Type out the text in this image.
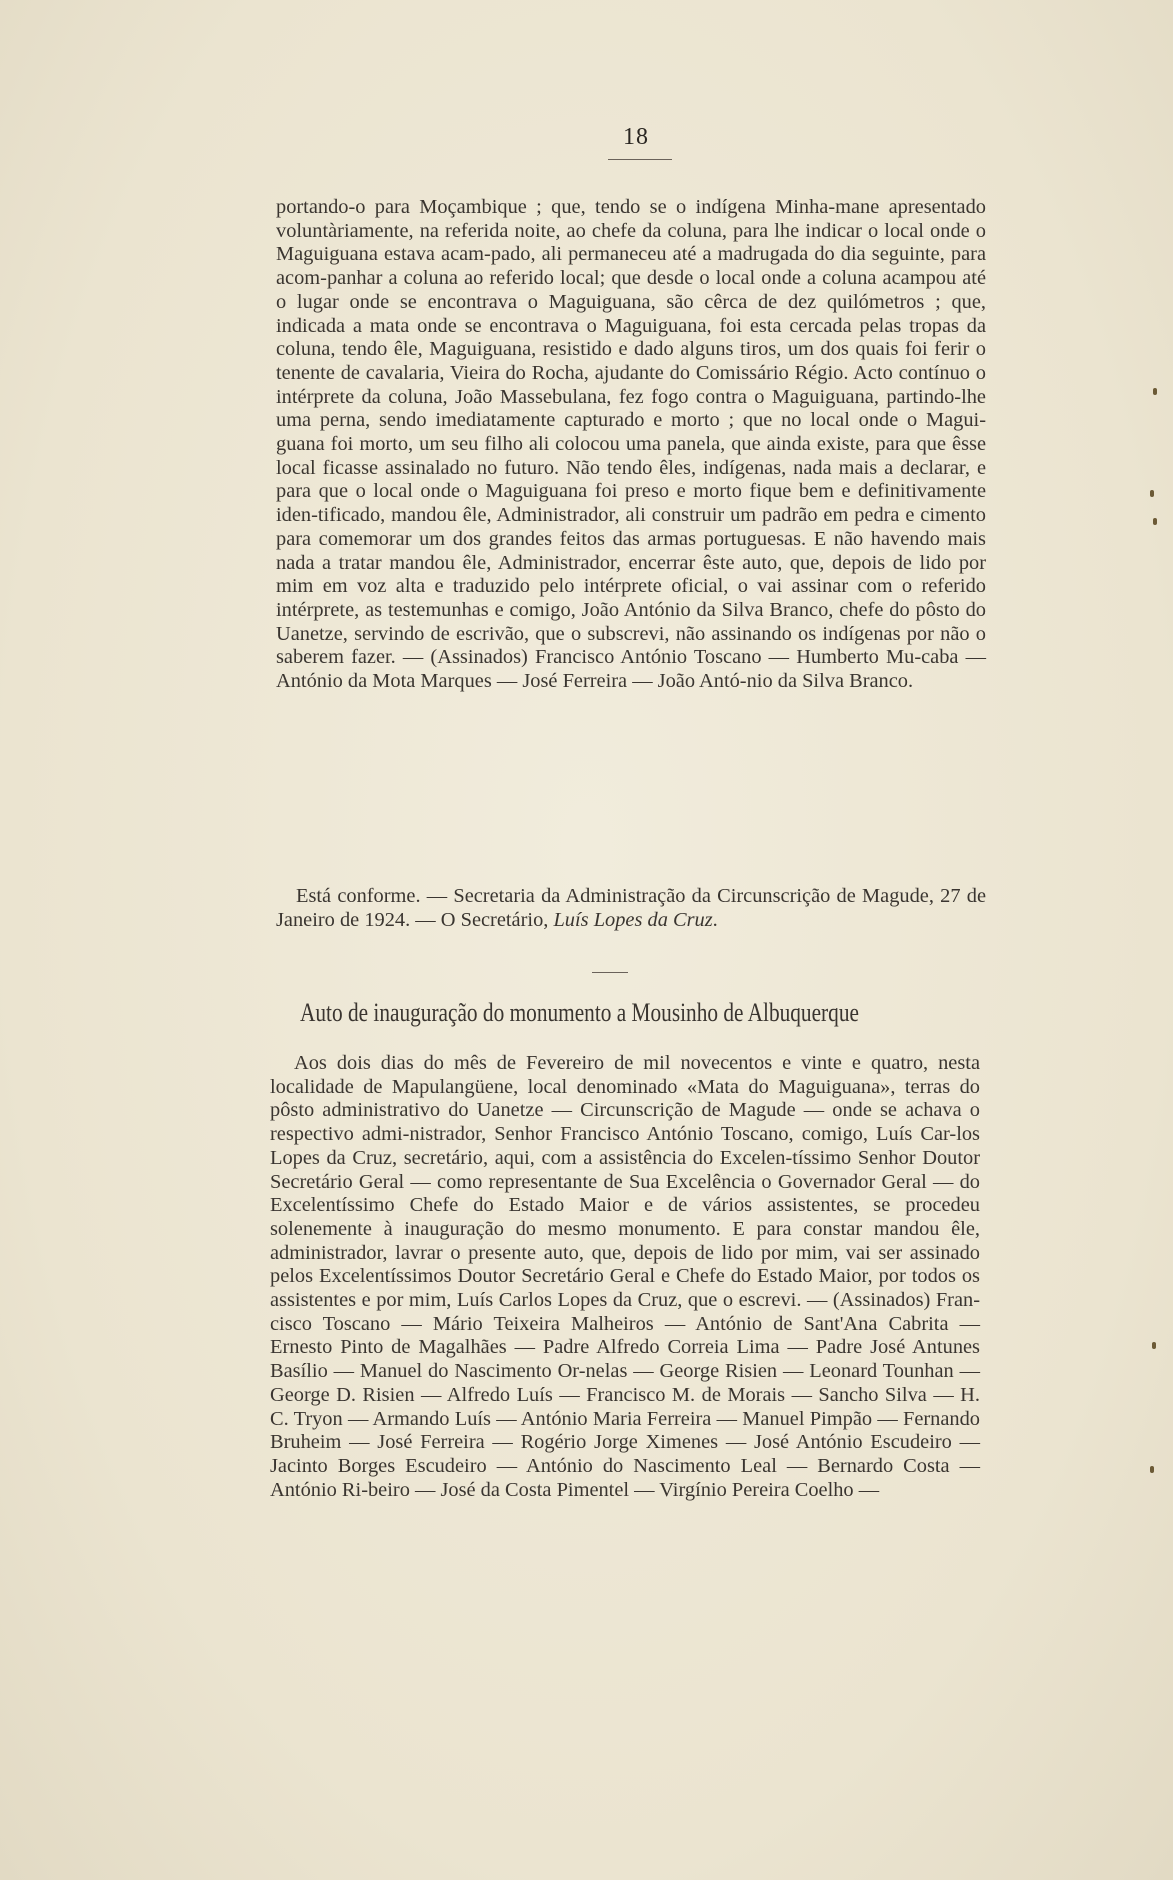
18

portando-o para Moçambique ; que, tendo se o indígena Minha-mane apresentado voluntàriamente, na referida noite, ao chefe da coluna, para lhe indicar o local onde o Maguiguana estava acam-pado, ali permaneceu até a madrugada do dia seguinte, para acom-panhar a coluna ao referido local; que desde o local onde a coluna acampou até o lugar onde se encontrava o Maguiguana, são cêrca de dez quilómetros ; que, indicada a mata onde se encontrava o Maguiguana, foi esta cercada pelas tropas da coluna, tendo êle, Maguiguana, resistido e dado alguns tiros, um dos quais foi ferir o tenente de cavalaria, Vieira do Rocha, ajudante do Comissário Régio. Acto contínuo o intérprete da coluna, João Massebulana, fez fogo contra o Maguiguana, partindo-lhe uma perna, sendo imediatamente capturado e morto ; que no local onde o Magui-guana foi morto, um seu filho ali colocou uma panela, que ainda existe, para que êsse local ficasse assinalado no futuro. Não tendo êles, indígenas, nada mais a declarar, e para que o local onde o Maguiguana foi preso e morto fique bem e definitivamente iden-tificado, mandou êle, Administrador, ali construir um padrão em pedra e cimento para comemorar um dos grandes feitos das armas portuguesas. E não havendo mais nada a tratar mandou êle, Administrador, encerrar êste auto, que, depois de lido por mim em voz alta e traduzido pelo intérprete oficial, o vai assinar com o referido intérprete, as testemunhas e comigo, João António da Silva Branco, chefe do pôsto do Uanetze, servindo de escrivão, que o subscrevi, não assinando os indígenas por não o saberem fazer. — (Assinados) Francisco António Toscano — Humberto Mu-caba — António da Mota Marques — José Ferreira — João Antó-nio da Silva Branco.

Está conforme. — Secretaria da Administração da Circunscrição de Magude, 27 de Janeiro de 1924. — O Secretário, Luís Lopes da Cruz.

Auto de inauguração do monumento a Mousinho de Albuquerque

Aos dois dias do mês de Fevereiro de mil novecentos e vinte e quatro, nesta localidade de Mapulangüene, local denominado «Mata do Maguiguana», terras do pôsto administrativo do Uanetze — Circunscrição de Magude — onde se achava o respectivo admi-nistrador, Senhor Francisco António Toscano, comigo, Luís Car-los Lopes da Cruz, secretário, aqui, com a assistência do Excelen-tíssimo Senhor Doutor Secretário Geral — como representante de Sua Excelência o Governador Geral — do Excelentíssimo Chefe do Estado Maior e de vários assistentes, se procedeu solenemente à inauguração do mesmo monumento. E para constar mandou êle, administrador, lavrar o presente auto, que, depois de lido por mim, vai ser assinado pelos Excelentíssimos Doutor Secretário Geral e Chefe do Estado Maior, por todos os assistentes e por mim, Luís Carlos Lopes da Cruz, que o escrevi. — (Assinados) Fran-cisco Toscano — Mário Teixeira Malheiros — António de Sant'Ana Cabrita — Ernesto Pinto de Magalhães — Padre Alfredo Correia Lima — Padre José Antunes Basílio — Manuel do Nascimento Or-nelas — George Risien — Leonard Tounhan — George D. Risien — Alfredo Luís — Francisco M. de Morais — Sancho Silva — H. C. Tryon — Armando Luís — António Maria Ferreira — Manuel Pimpão — Fernando Bruheim — José Ferreira — Rogério Jorge Ximenes — José António Escudeiro — Jacinto Borges Escudeiro — António do Nascimento Leal — Bernardo Costa — António Ri-beiro — José da Costa Pimentel — Virgínio Pereira Coelho —
